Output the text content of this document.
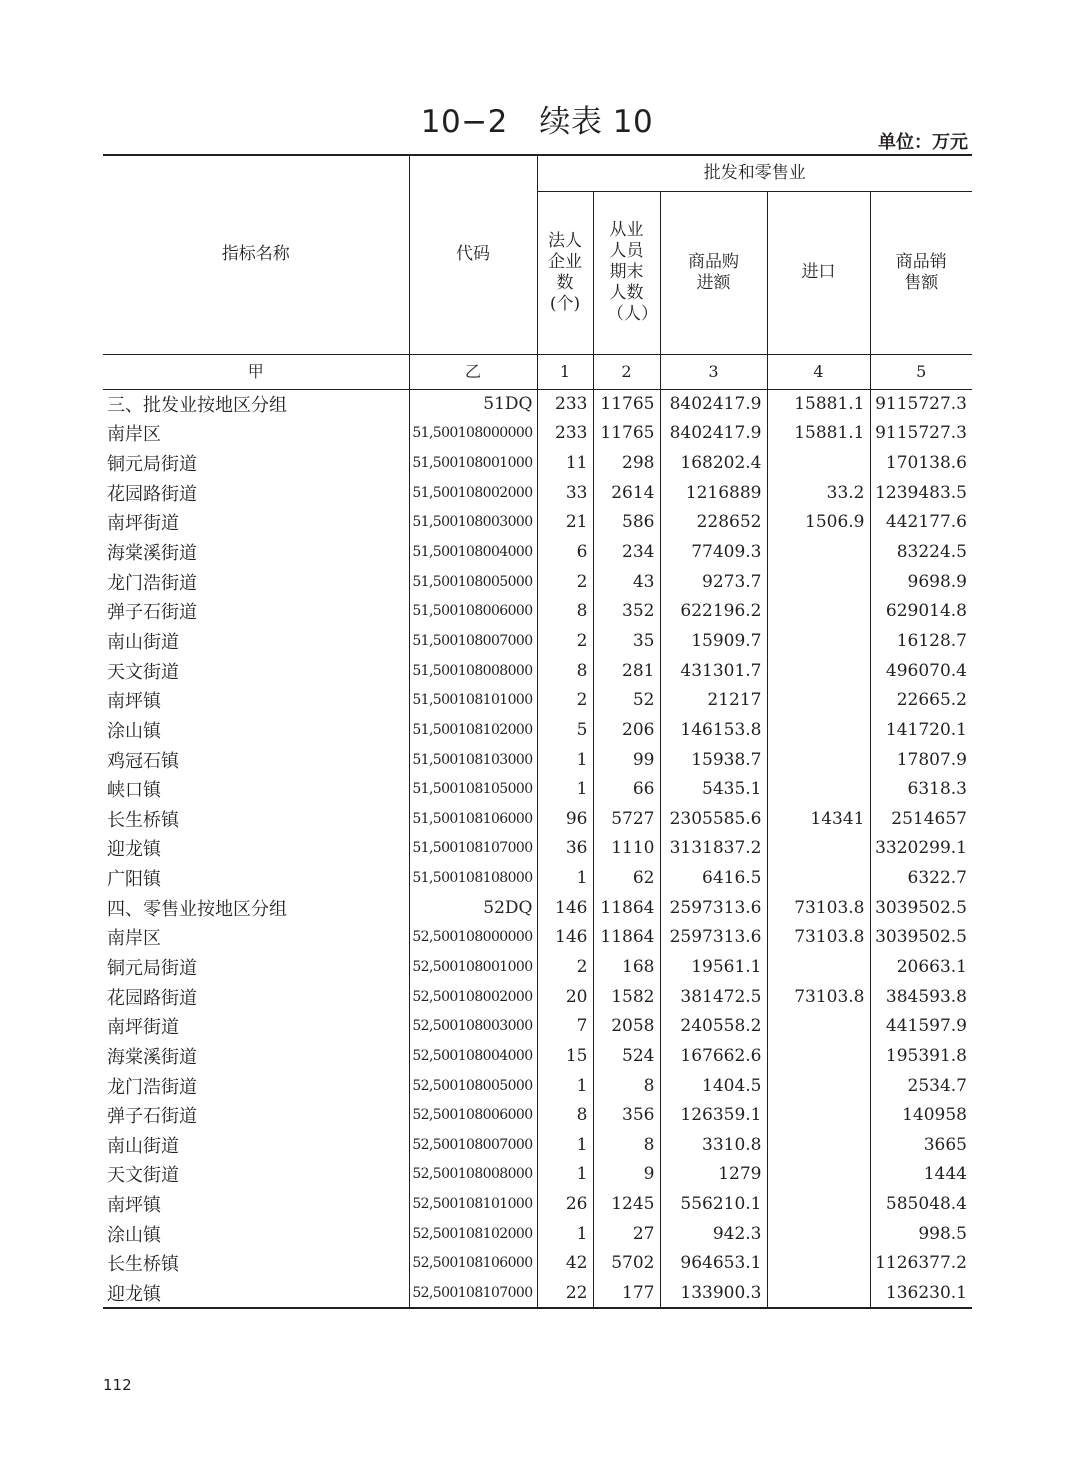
10−2　续表 10
单位：万元
指标名称	代码	批发和零售业				

		法人企业数(个)	从业人员期末人数（人）	商品购进额	进口	商品销售额

甲	乙	1	2	3	4	5
三、批发业按地区分组	51DQ	233	11765	8402417.9	15881.1	9115727.3
南岸区	51,500108000000	233	11765	8402417.9	15881.1	9115727.3
铜元局街道	51,500108001000	11	298	168202.4		170138.6
花园路街道	51,500108002000	33	2614	1216889	33.2	1239483.5
南坪街道	51,500108003000	21	586	228652	1506.9	442177.6
海棠溪街道	51,500108004000	6	234	77409.3		83224.5
龙门浩街道	51,500108005000	2	43	9273.7		9698.9
弹子石街道	51,500108006000	8	352	622196.2		629014.8
南山街道	51,500108007000	2	35	15909.7		16128.7
天文街道	51,500108008000	8	281	431301.7		496070.4
南坪镇	51,500108101000	2	52	21217		22665.2
涂山镇	51,500108102000	5	206	146153.8		141720.1
鸡冠石镇	51,500108103000	1	99	15938.7		17807.9
峡口镇	51,500108105000	1	66	5435.1		6318.3
长生桥镇	51,500108106000	96	5727	2305585.6	14341	2514657
迎龙镇	51,500108107000	36	1110	3131837.2		3320299.1
广阳镇	51,500108108000	1	62	6416.5		6322.7
四、零售业按地区分组	52DQ	146	11864	2597313.6	73103.8	3039502.5
南岸区	52,500108000000	146	11864	2597313.6	73103.8	3039502.5
铜元局街道	52,500108001000	2	168	19561.1		20663.1
花园路街道	52,500108002000	20	1582	381472.5	73103.8	384593.8
南坪街道	52,500108003000	7	2058	240558.2		441597.9
海棠溪街道	52,500108004000	15	524	167662.6		195391.8
龙门浩街道	52,500108005000	1	8	1404.5		2534.7
弹子石街道	52,500108006000	8	356	126359.1		140958
南山街道	52,500108007000	1	8	3310.8		3665
天文街道	52,500108008000	1	9	1279		1444
南坪镇	52,500108101000	26	1245	556210.1		585048.4
涂山镇	52,500108102000	1	27	942.3		998.5
长生桥镇	52,500108106000	42	5702	964653.1		1126377.2
迎龙镇	52,500108107000	22	177	133900.3		136230.1
112
